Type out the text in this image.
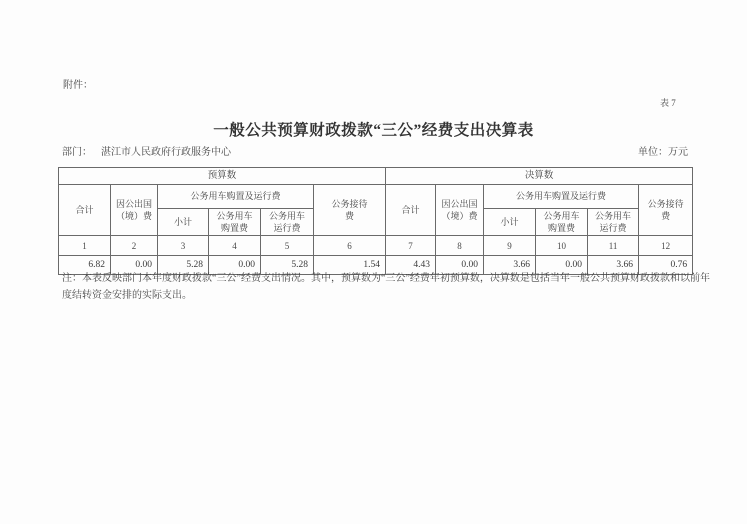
附件：
表 7
一般公共预算财政拨款“三公”经费支出决算表
部门： 湛江市人民政府行政服务中心	单位：万元
预算数						决算数					
合计	因公出国（境）费	公务用车购置及运行费			公务接待费	合计	因公出国（境）费	公务用车购置及运行费			公务接待费
		小计	公务用车购置费	公务用车运行费				小计	公务用车购置费	公务用车运行费	
1	2	3	4	5	6	7	8	9	10	11	12
6.82	0.00	5.28	0.00	5.28	1.54	4.43	0.00	3.66	0.00	3.66	0.76
注：本表反映部门本年度财政拨款“三公”经费支出情况。其中，预算数为“三公”经费年初预算数，决算数是包括当年一般公共预算财政拨款和以前年度结转资金安排的实际支出。
